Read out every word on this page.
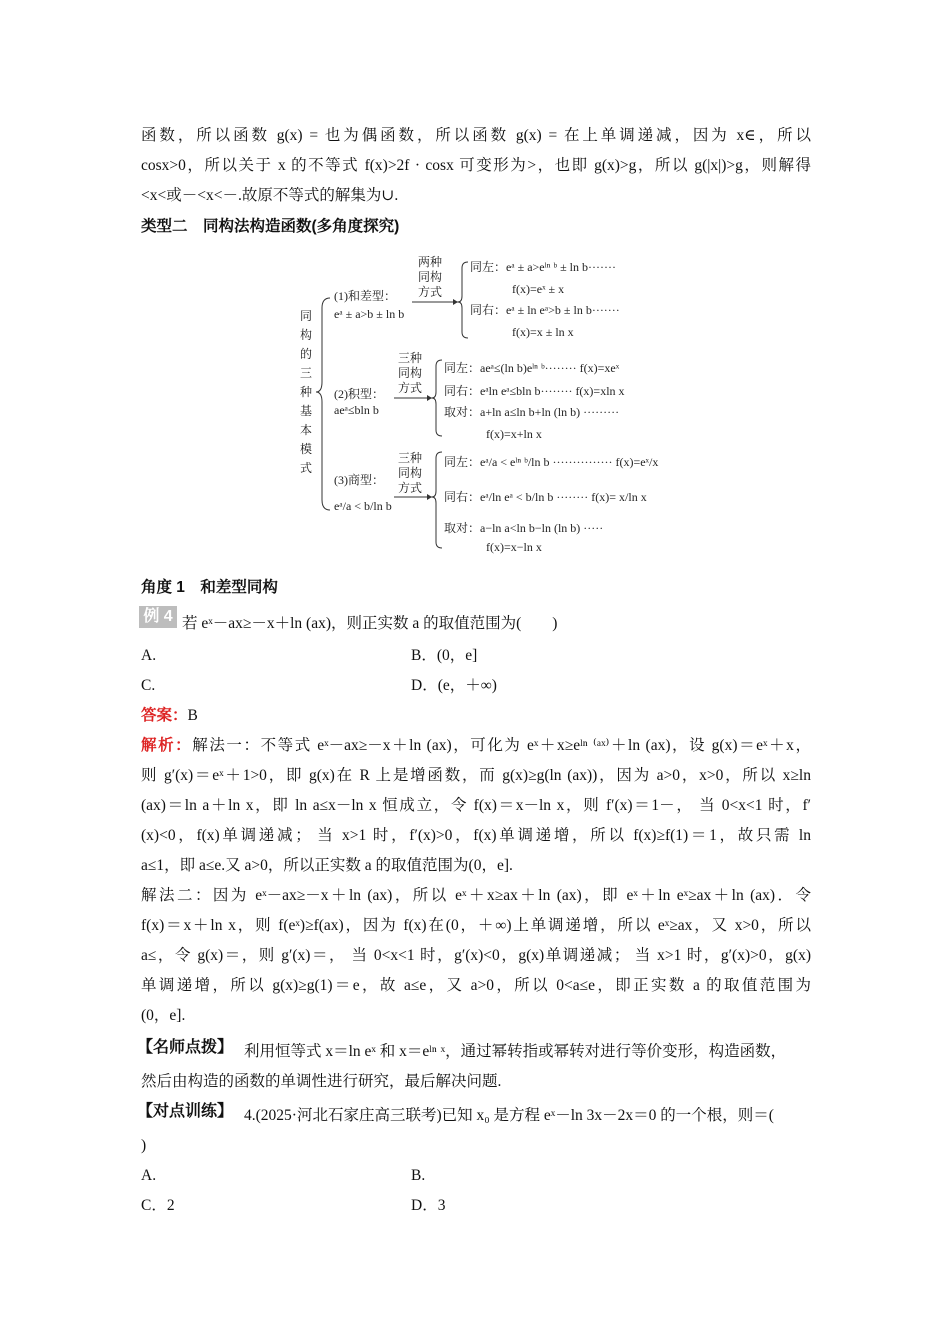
函数，所以函数 g(x) = 也为偶函数，所以函数 g(x) = 在上单调递减，因为 x∈，所以
cosx>0，所以关于 x 的不等式 f(x)>2f · cosx 可变形为>，也即 g(x)>g，所以 g(|x|)>g，则解得
<x<或－<x<－.故原不等式的解集为∪.
类型二　同构法构造函数(多角度探究)
同
构
的
三
种
基
本
模
式
(1)和差型：
eᵃ ± a>b ± ln b
两种
同构
方式
同左：eᵃ ± a>eˡⁿ ᵇ ± ln b·······
f(x)=eˣ ± x
同右：eᵃ ± ln eᵃ>b ± ln b·······
f(x)=x ± ln x
(2)积型：
aeᵃ≤bln b
三种
同构
方式
同左：aeᵃ≤(ln b)eˡⁿ ᵇ········ f(x)=xeˣ
同右：eᵃln eᵃ≤bln b········ f(x)=xln x
取对：a+ln a≤ln b+ln (ln b) ·········
f(x)=x+ln x
(3)商型：
eᵃ/a < b/ln b
三种
同构
方式
同左：eᵃ/a < eˡⁿ ᵇ/ln b ··············· f(x)=eˣ/x
同右：eᵃ/ln eᵃ < b/ln b ········ f(x)= x/ln x
取对：a−ln a<ln b−ln (ln b) ·····
f(x)=x−ln x
角度 1　和差型同构
例 4 若 eˣ－ax≥－x＋ln (ax)，则正实数 a 的取值范围为(　　)
A.	B．(0，e]
C.	D．(e，＋∞)
答案：B
解析：解法一：不等式 eˣ－ax≥－x＋ln (ax)，可化为 eˣ＋x≥eˡⁿ ⁽ᵃˣ⁾＋ln (ax)，设 g(x)＝eˣ＋x，
则 g′(x)＝eˣ＋1>0，即 g(x)在 R 上是增函数，而 g(x)≥g(ln (ax))，因为 a>0，x>0，所以 x≥ln
(ax)＝ln a＋ln x，即 ln a≤x－ln x 恒成立，令 f(x)＝x－ln x，则 f′(x)＝1－， 当 0<x<1 时，f′
(x)<0，f(x)单调递减； 当 x>1 时，f′(x)>0，f(x)单调递增，所以 f(x)≥f(1)＝1，故只需 ln
a≤1，即 a≤e.又 a>0，所以正实数 a 的取值范围为(0，e].
解法二：因为 eˣ－ax≥－x＋ln (ax)，所以 eˣ＋x≥ax＋ln (ax)，即 eˣ＋ln eˣ≥ax＋ln (ax)．令
f(x)＝x＋ln x，则 f(eˣ)≥f(ax)，因为 f(x)在(0，＋∞)上单调递增，所以 eˣ≥ax，又 x>0，所以
a≤，令 g(x)＝，则 g′(x)＝， 当 0<x<1 时，g′(x)<0，g(x)单调递减； 当 x>1 时，g′(x)>0，g(x)
单调递增，所以 g(x)≥g(1)＝e，故 a≤e，又 a>0，所以 0<a≤e，即正实数 a 的取值范围为
(0，e].
【名师点拨】 利用恒等式 x＝ln eˣ 和 x＝eˡⁿ ˣ，通过幂转指或幂转对进行等价变形，构造函数，
然后由构造的函数的单调性进行研究，最后解决问题.
【对点训练】 4.(2025·河北石家庄高三联考)已知 x₀ 是方程 eˣ－ln 3x－2x＝0 的一个根，则＝(
)
A.	B.
C．2	D．3
